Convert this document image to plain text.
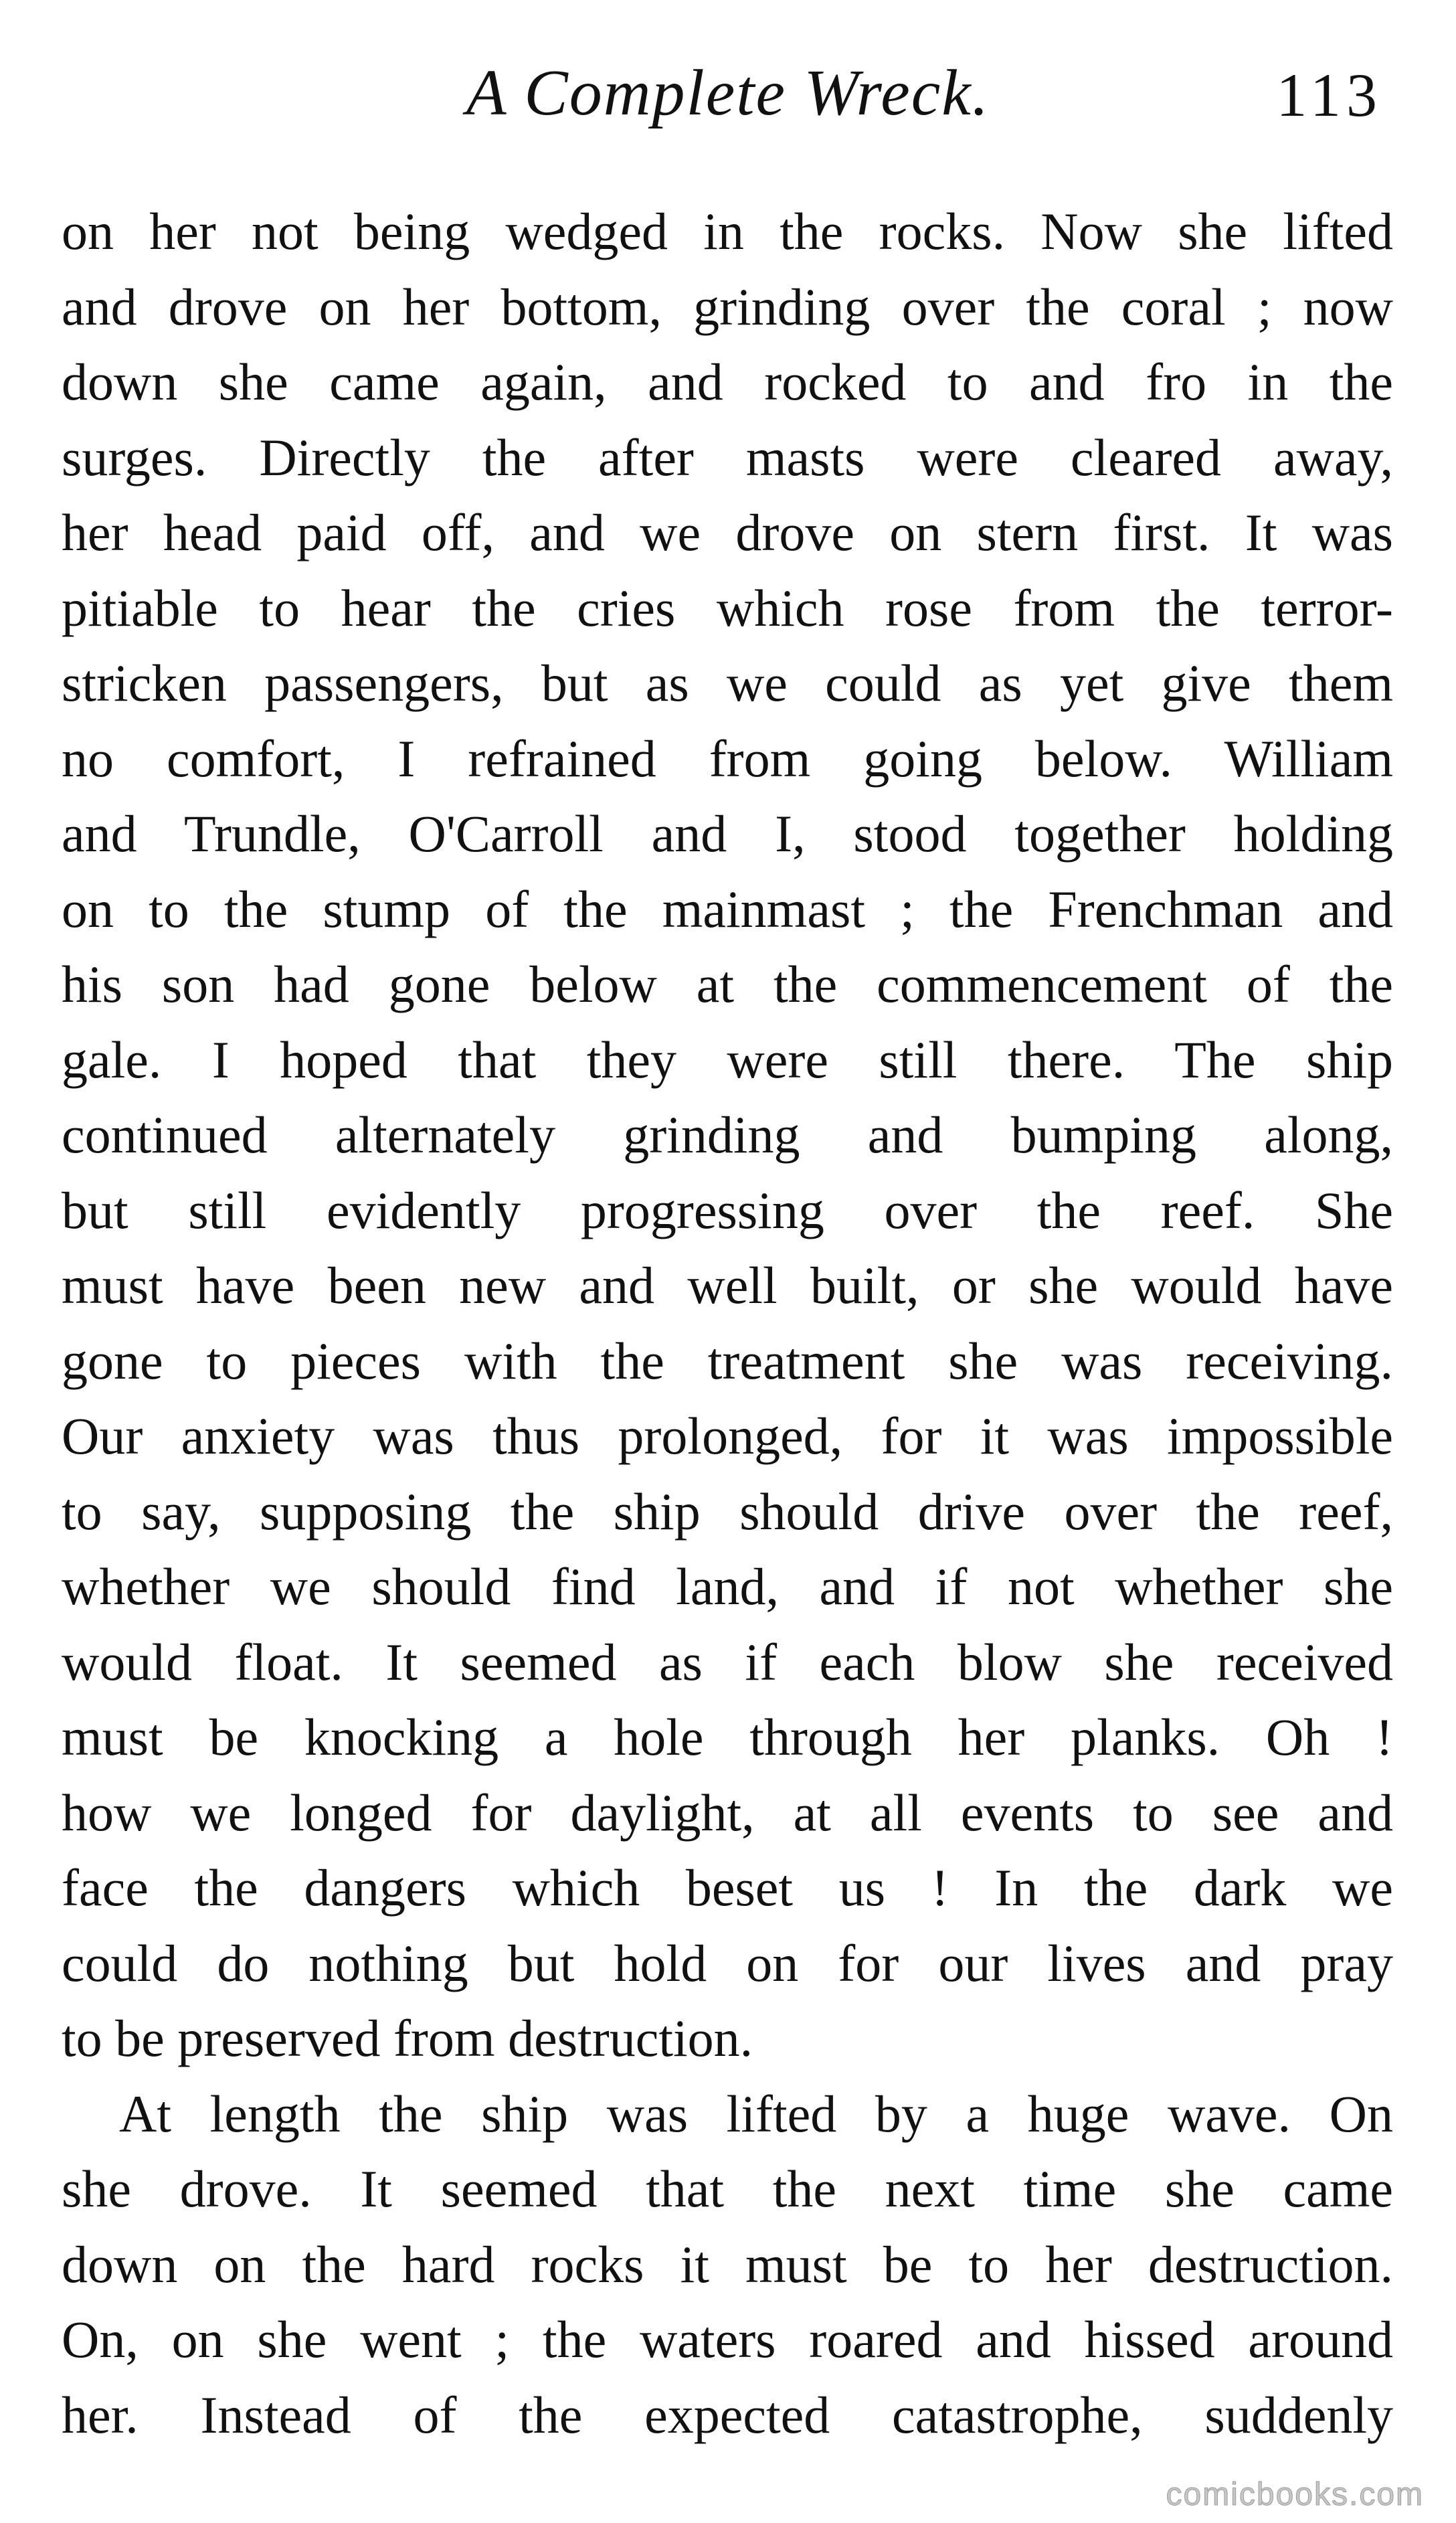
A Complete Wreck.	113
on her not being wedged in the rocks. Now she lifted
and drove on her bottom, grinding over the coral ; now
down she came again, and rocked to and fro in the
surges. Directly the after masts were cleared away,
her head paid off, and we drove on stern first. It was
pitiable to hear the cries which rose from the terror-
stricken passengers, but as we could as yet give them
no comfort, I refrained from going below. William
and Trundle, O'Carroll and I, stood together holding
on to the stump of the mainmast ; the Frenchman and
his son had gone below at the commencement of the
gale. I hoped that they were still there. The ship
continued alternately grinding and bumping along,
but still evidently progressing over the reef. She
must have been new and well built, or she would have
gone to pieces with the treatment she was receiving.
Our anxiety was thus prolonged, for it was impossible
to say, supposing the ship should drive over the reef,
whether we should find land, and if not whether she
would float. It seemed as if each blow she received
must be knocking a hole through her planks. Oh !
how we longed for daylight, at all events to see and
face the dangers which beset us ! In the dark we
could do nothing but hold on for our lives and pray
to be preserved from destruction.
At length the ship was lifted by a huge wave. On
she drove. It seemed that the next time she came
down on the hard rocks it must be to her destruction.
On, on she went ; the waters roared and hissed around
her. Instead of the expected catastrophe, suddenly
comicbooks.com
